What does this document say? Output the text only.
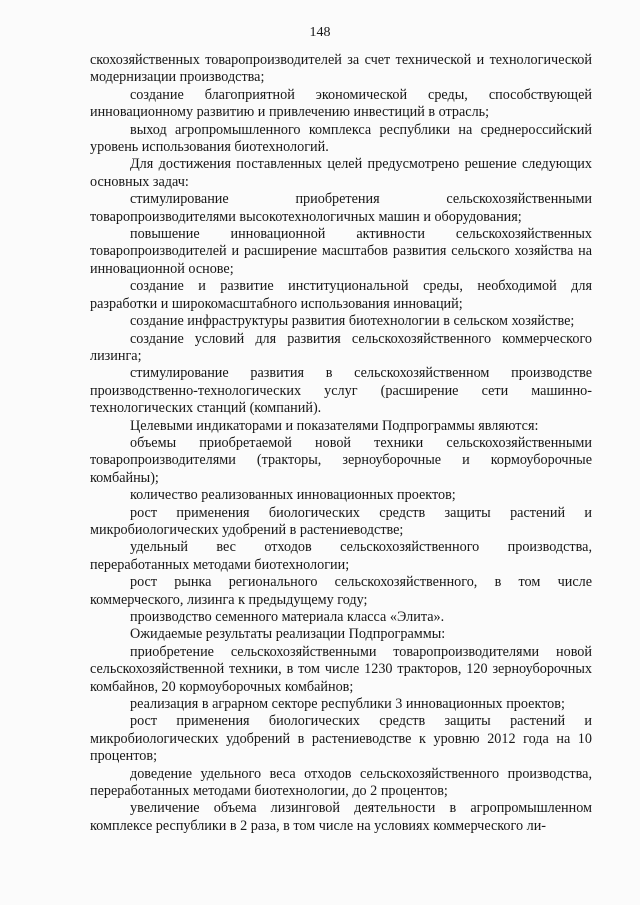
148

скохозяйственных товаропроизводителей за счет технической и технологической модернизации производства;

создание благоприятной экономической среды, способствующей инновационному развитию и привлечению инвестиций в отрасль;

выход агропромышленного комплекса республики на среднероссийский уровень использования биотехнологий.

Для достижения поставленных целей предусмотрено решение следующих основных задач:

стимулирование приобретения сельскохозяйственными товаропроизводителями высокотехнологичных машин и оборудования;

повышение инновационной активности сельскохозяйственных товаропроизводителей и расширение масштабов развития сельского хозяйства на инновационной основе;

создание и развитие институциональной среды, необходимой для разработки и широкомасштабного использования инноваций;

создание инфраструктуры развития биотехнологии в сельском хозяйстве;

создание условий для развития сельскохозяйственного коммерческого лизинга;

стимулирование развития в сельскохозяйственном производстве производственно-технологических услуг (расширение сети машинно-технологических станций (компаний).

Целевыми индикаторами и показателями Подпрограммы являются:

объемы приобретаемой новой техники сельскохозяйственными товаропроизводителями (тракторы, зерноуборочные и кормоуборочные комбайны);

количество реализованных инновационных проектов;

рост применения биологических средств защиты растений и микробиологических удобрений в растениеводстве;

удельный вес отходов сельскохозяйственного производства, переработанных методами биотехнологии;

рост рынка регионального сельскохозяйственного, в том числе коммерческого, лизинга к предыдущему году;

производство семенного материала класса «Элита».

Ожидаемые результаты реализации Подпрограммы:

приобретение сельскохозяйственными товаропроизводителями новой сельскохозяйственной техники, в том числе 1230 тракторов, 120 зерноуборочных комбайнов, 20 кормоуборочных комбайнов;

реализация в аграрном секторе республики 3 инновационных проектов;

рост применения биологических средств защиты растений и микробиологических удобрений в растениеводстве к уровню 2012 года на 10 процентов;

доведение удельного веса отходов сельскохозяйственного производства, переработанных методами биотехнологии, до 2 процентов;

увеличение объема лизинговой деятельности в агропромышленном комплексе республики в 2 раза, в том числе на условиях коммерческого ли-
